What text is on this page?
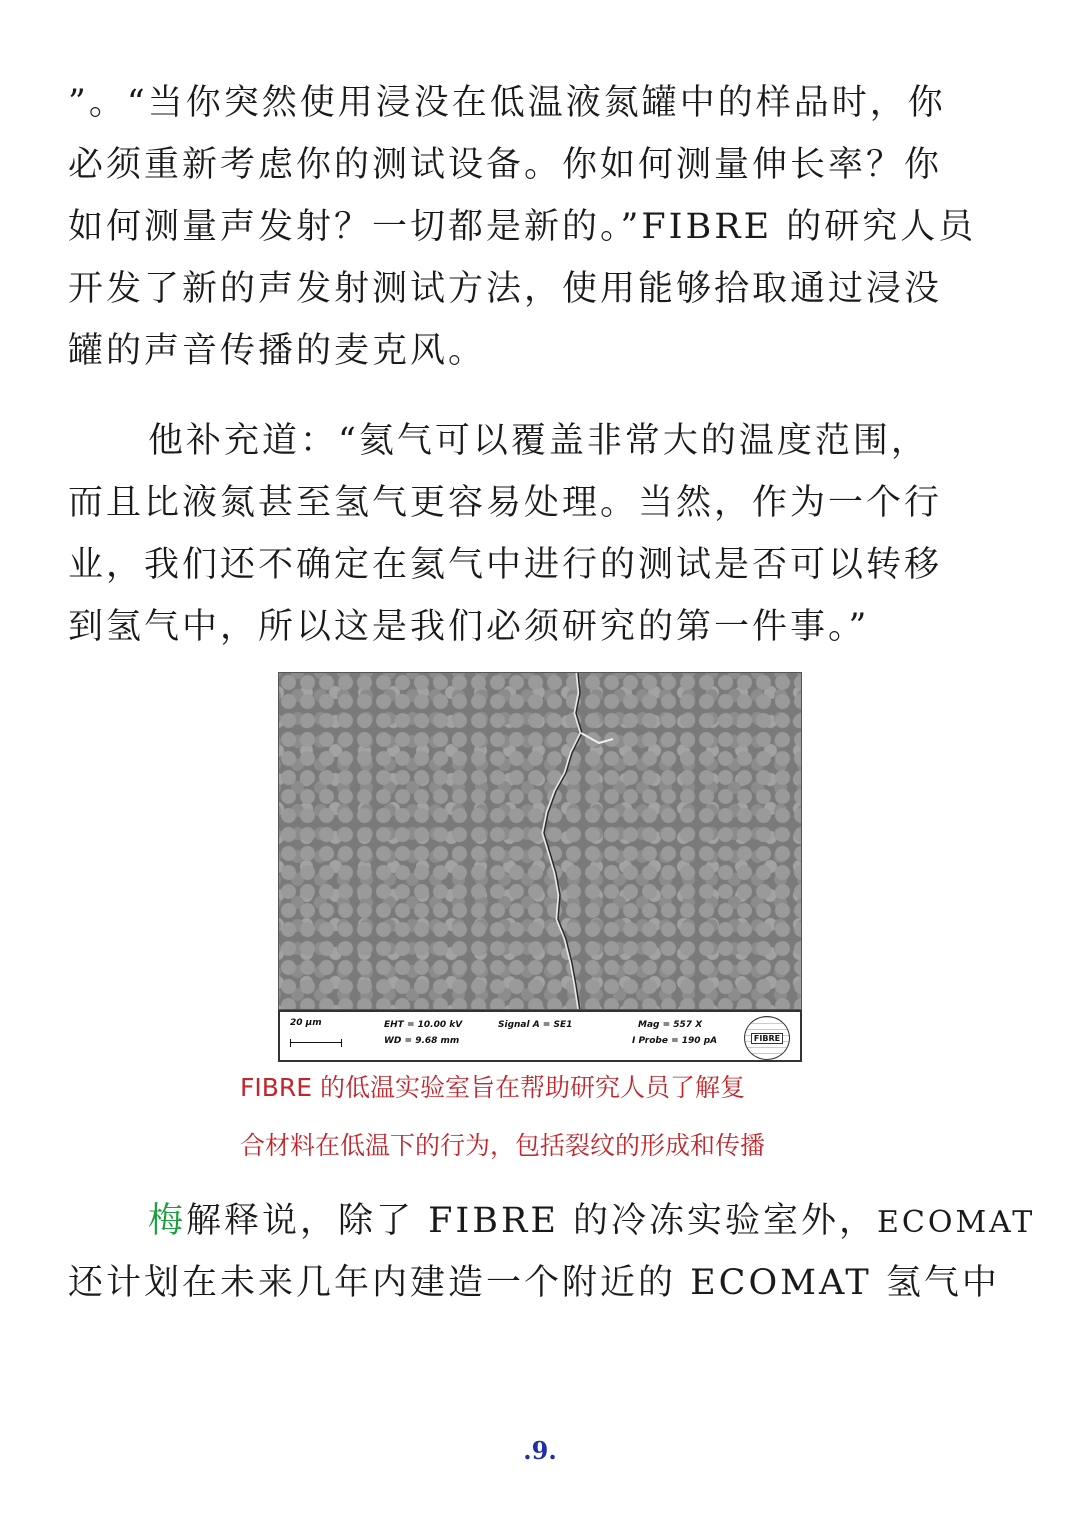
”。“当你突然使用浸没在低温液氮罐中的样品时，你
必须重新考虑你的测试设备。你如何测量伸长率？你
如何测量声发射？一切都是新的。”FIBRE 的研究人员
开发了新的声发射测试方法，使用能够拾取通过浸没
罐的声音传播的麦克风。
他补充道：“氦气可以覆盖非常大的温度范围，
而且比液氮甚至氢气更容易处理。当然，作为一个行
业，我们还不确定在氦气中进行的测试是否可以转移
到氢气中，所以这是我们必须研究的第一件事。”
20 µm	EHT = 10.00 kV
WD = 9.68 mm
Signal A = SE1	Mag = 557 X
I Probe = 190 pA	FIBRE
FIBRE 的低温实验室旨在帮助研究人员了解复
合材料在低温下的行为，包括裂纹的形成和传播
梅解释说，除了 FIBRE 的冷冻实验室外，ECOMAT
还计划在未来几年内建造一个附近的 ECOMAT 氢气中
.9.
